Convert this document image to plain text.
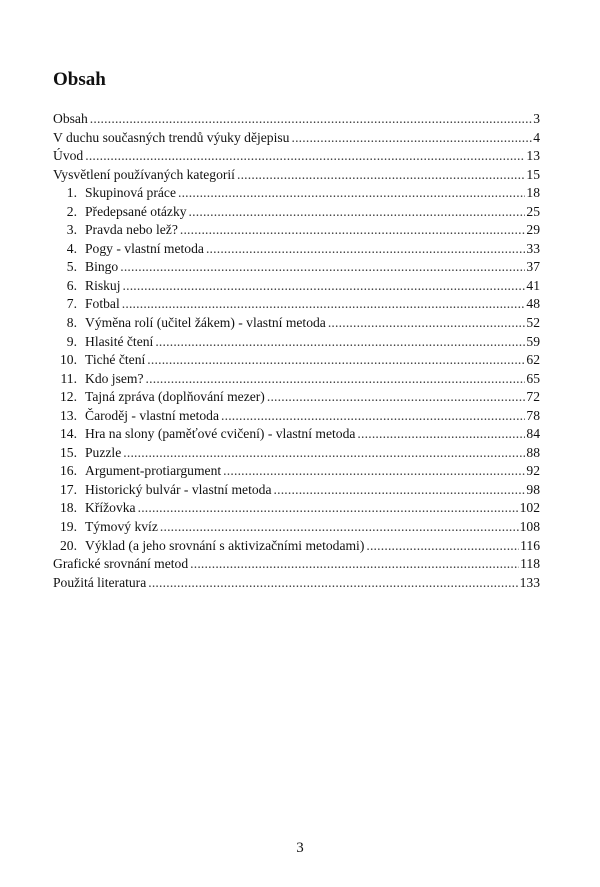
Obsah
Obsah .....	3
V duchu současných trendů výuky dějepisu .....	4
Úvod .....	13
Vysvětlení používaných kategorií .....	15
1. Skupinová práce .....	18
2. Předepsané otázky .....	25
3. Pravda nebo lež? .....	29
4. Pogy - vlastní metoda .....	33
5. Bingo .....	37
6. Riskuj .....	41
7. Fotbal .....	48
8. Výměna rolí (učitel žákem) - vlastní metoda .....	52
9. Hlasité čtení .....	59
10. Tiché čtení .....	62
11. Kdo jsem? .....	65
12. Tajná zpráva (doplňování mezer) .....	72
13. Čaroděj - vlastní metoda .....	78
14. Hra na slony (paměťové cvičení) - vlastní metoda .....	84
15. Puzzle .....	88
16. Argument-protiargument .....	92
17. Historický bulvár - vlastní metoda .....	98
18. Křížovka .....	102
19. Týmový kvíz .....	108
20. Výklad (a jeho srovnání s aktivizačními metodami) .....	116
Grafické srovnání metod .....	118
Použitá literatura .....	133
3
